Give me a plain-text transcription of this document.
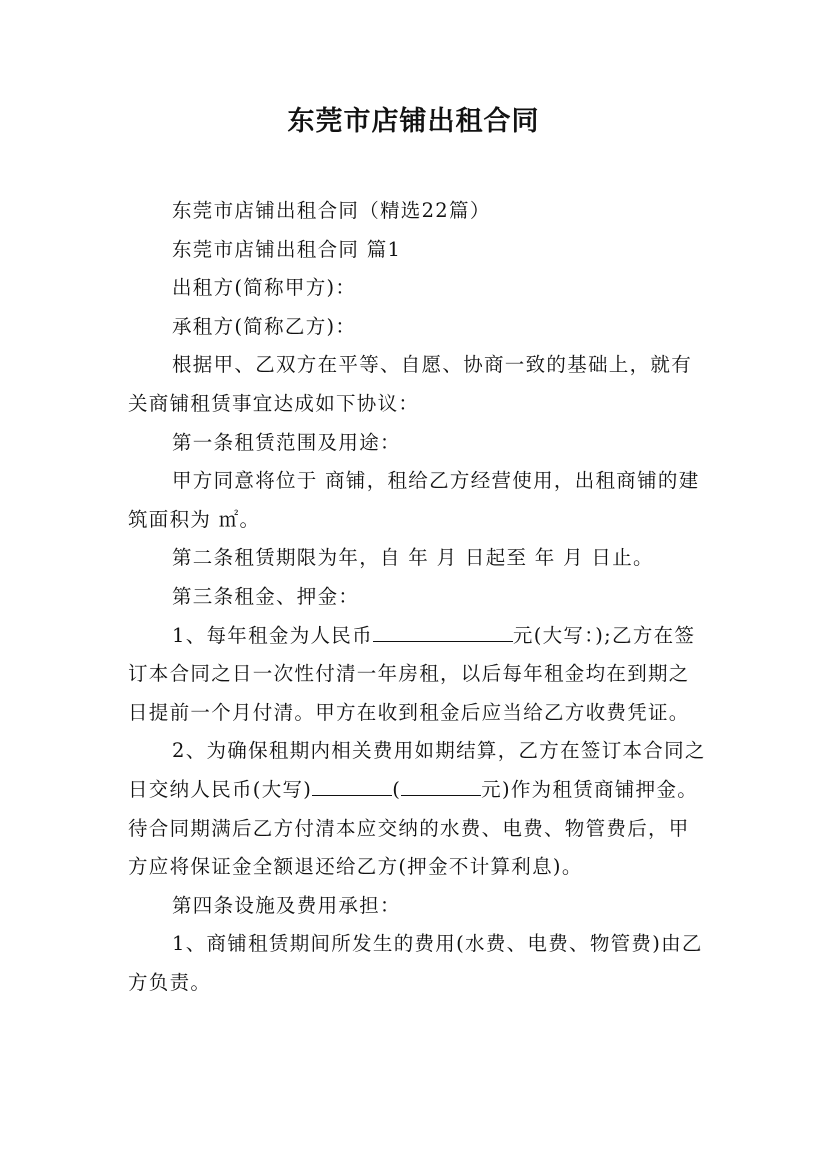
东莞市店铺出租合同

东莞市店铺出租合同（精选22篇）

东莞市店铺出租合同 篇1

出租方(简称甲方)：

承租方(简称乙方)：

根据甲、乙双方在平等、自愿、协商一致的基础上，就有关商铺租赁事宜达成如下协议：

第一条租赁范围及用途：

甲方同意将位于 商铺，租给乙方经营使用，出租商铺的建筑面积为 ㎡。

第二条租赁期限为年，自 年 月 日起至 年 月 日止。

第三条租金、押金：

1、每年租金为人民币	元(大写：);乙方在签订本合同之日一次性付清一年房租，以后每年租金均在到期之日提前一个月付清。甲方在收到租金后应当给乙方收费凭证。

2、为确保租期内相关费用如期结算，乙方在签订本合同之日交纳人民币(大写)	(	元)作为租赁商铺押金。待合同期满后乙方付清本应交纳的水费、电费、物管费后，甲方应将保证金全额退还给乙方(押金不计算利息)。

第四条设施及费用承担：

1、商铺租赁期间所发生的费用(水费、电费、物管费)由乙方负责。
